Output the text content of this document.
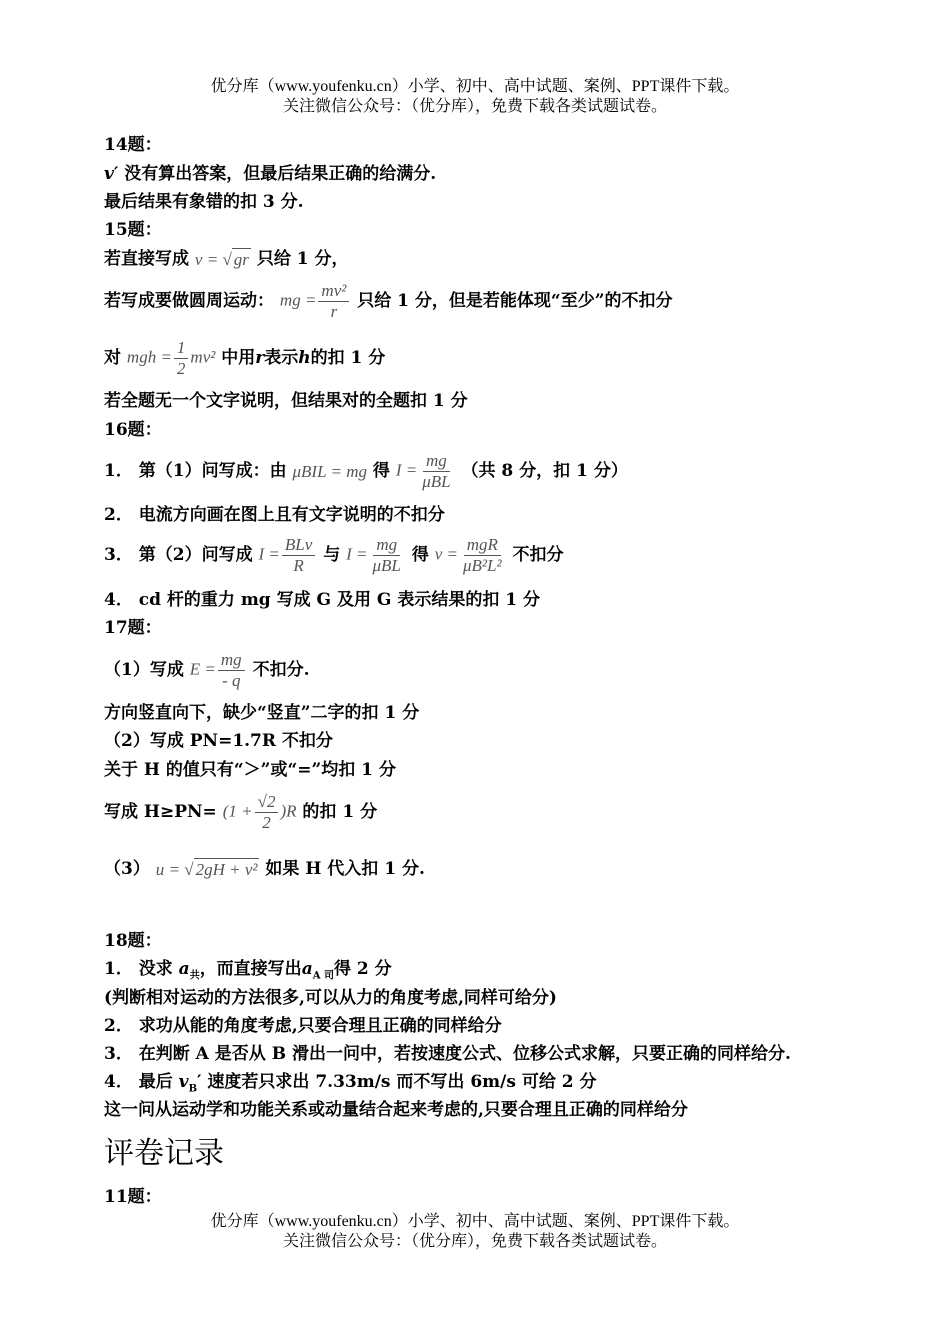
优分库（www.youfenku.cn）小学、初中、高中试题、案例、PPT课件下载。
关注微信公众号：（优分库），免费下载各类试题试卷。
14题：
v′ 没有算出答案，但最后结果正确的给满分.
最后结果有象错的扣 3 分.
15题：
若直接写成 v = √ gr 只给 1 分，
若写成要做圆周运动： mg = $\frac{\text{mv²}}{r}$ 只给 1 分，但是若能体现“至少”的不扣分
对 mgh = $\frac{1}{2} mv^2$ 中用r表示h的扣 1 分
若全题无一个文字说明，但结果对的全题扣 1 分
16题：
1． 第（1）问写成：由 μBIL = mg 得 I = mg
μBL
（共 8 分，扣 1 分）
2． 电流方向画在图上且有文字说明的不扣分
3． 第（2）问写成 I = BLv
R
与 I = mg
μBL
得 v = mgR
μB²L²
不扣分
4． cd 杆的重力 mg 写成 G 及用 G 表示结果的扣 1 分
17题：
（1）写成 $E = \frac{mg}{- q}$ 不扣分.
方向竖直向下，缺少“竖直”二字的扣 1 分
（2）写成 PN=1.7R 不扣分
关于 H 的值只有“＞”或“=”均扣 1 分
写成 $H\ge PN= (1 + \frac{√2}{2} )R$ 的扣 1 分
（3） u = √ 2gH + v² 如果 H 代入扣 1 分.
18题：
1． 没求 $a_共$，而直接写出$a_{A 司}$得 2 分
(判断相对运动的方法很多,可以从力的角度考虑,同样可给分)
2． 求功从能的角度考虑,只要合理且正确的同样给分
3． 在判断 A 是否从 B 滑出一问中，若按速度公式、位移公式求解，只要正确的同样给分.
4． 最后 $v_B'$ 速度若只求出 7.33m/s 而不写出 6m/s 可给 2 分
这一问从运动学和功能关系或动量结合起来考虑的,只要合理且正确的同样给分
评卷记录
11题：
优分库（www.youfenku.cn）小学、初中、高中试题、案例、PPT课件下载。
关注微信公众号：（优分库），免费下载各类试题试卷。
